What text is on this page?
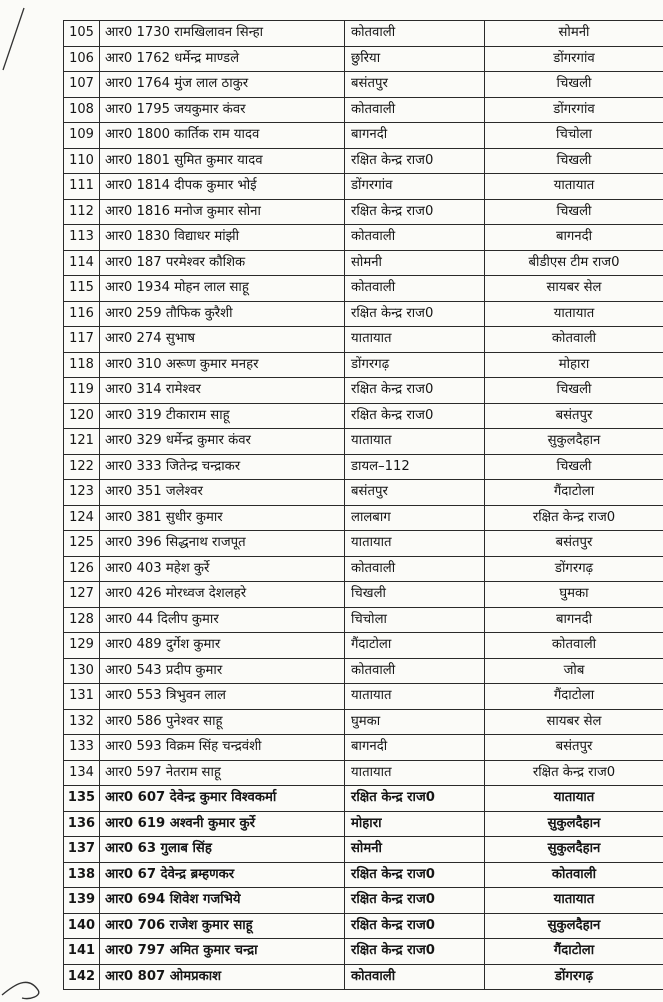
105	आर0 1730 रामखिलावन सिन्हा	कोतवाली	सोमनी
106	आर0 1762 धर्मेन्द्र माण्डले	छुरिया	डोंगरगांव
107	आर0 1764 मुंज लाल ठाकुर	बसंतपुर	चिखली
108	आर0 1795 जयकुमार कंवर	कोतवाली	डोंगरगांव
109	आर0 1800 कार्तिक राम यादव	बागनदी	चिचोला
110	आर0 1801 सुमित कुमार यादव	रक्षित केन्द्र राज0	चिखली
111	आर0 1814 दीपक कुमार भोई	डोंगरगांव	यातायात
112	आर0 1816 मनोज कुमार सोना	रक्षित केन्द्र राज0	चिखली
113	आर0 1830 विद्याधर मांझी	कोतवाली	बागनदी
114	आर0 187 परमेश्वर कौशिक	सोमनी	बीडीएस टीम राज0
115	आर0 1934 मोहन लाल साहू	कोतवाली	सायबर सेल
116	आर0 259 तौफिक कुरैशी	रक्षित केन्द्र राज0	यातायात
117	आर0 274 सुभाष	यातायात	कोतवाली
118	आर0 310 अरूण कुमार मनहर	डोंगरगढ़	मोहारा
119	आर0 314 रामेश्वर	रक्षित केन्द्र राज0	चिखली
120	आर0 319 टीकाराम साहू	रक्षित केन्द्र राज0	बसंतपुर
121	आर0 329 धर्मेन्द्र कुमार कंवर	यातायात	सुकुलदैहान
122	आर0 333 जितेन्द्र चन्द्राकर	डायल–112	चिखली
123	आर0 351 जलेश्वर	बसंतपुर	गैंदाटोला
124	आर0 381 सुधीर कुमार	लालबाग	रक्षित केन्द्र राज0
125	आर0 396 सिद्धनाथ राजपूत	यातायात	बसंतपुर
126	आर0 403 महेश कुर्रे	कोतवाली	डोंगरगढ़
127	आर0 426 मोरध्वज देशलहरे	चिखली	घुमका
128	आर0 44 दिलीप कुमार	चिचोला	बागनदी
129	आर0 489 दुर्गेश कुमार	गैंदाटोला	कोतवाली
130	आर0 543 प्रदीप कुमार	कोतवाली	जोब
131	आर0 553 त्रिभुवन लाल	यातायात	गैंदाटोला
132	आर0 586 पुनेश्वर साहू	घुमका	सायबर सेल
133	आर0 593 विक्रम सिंह चन्द्रवंशी	बागनदी	बसंतपुर
134	आर0 597 नेतराम साहू	यातायात	रक्षित केन्द्र राज0
135	आर0 607 देवेन्द्र कुमार विश्वकर्मा	रक्षित केन्द्र राज0	यातायात
136	आर0 619 अश्वनी कुमार कुर्रे	मोहारा	सुकुलदैहान
137	आर0 63 गुलाब सिंह	सोमनी	सुकुलदैहान
138	आर0 67 देवेन्द्र ब्रम्हणकर	रक्षित केन्द्र राज0	कोतवाली
139	आर0 694 शिवेश गजभिये	रक्षित केन्द्र राज0	यातायात
140	आर0 706 राजेश कुमार साहू	रक्षित केन्द्र राज0	सुकुलदैहान
141	आर0 797 अमित कुमार चन्द्रा	रक्षित केन्द्र राज0	गैंदाटोला
142	आर0 807 ओमप्रकाश	कोतवाली	डोंगरगढ़
